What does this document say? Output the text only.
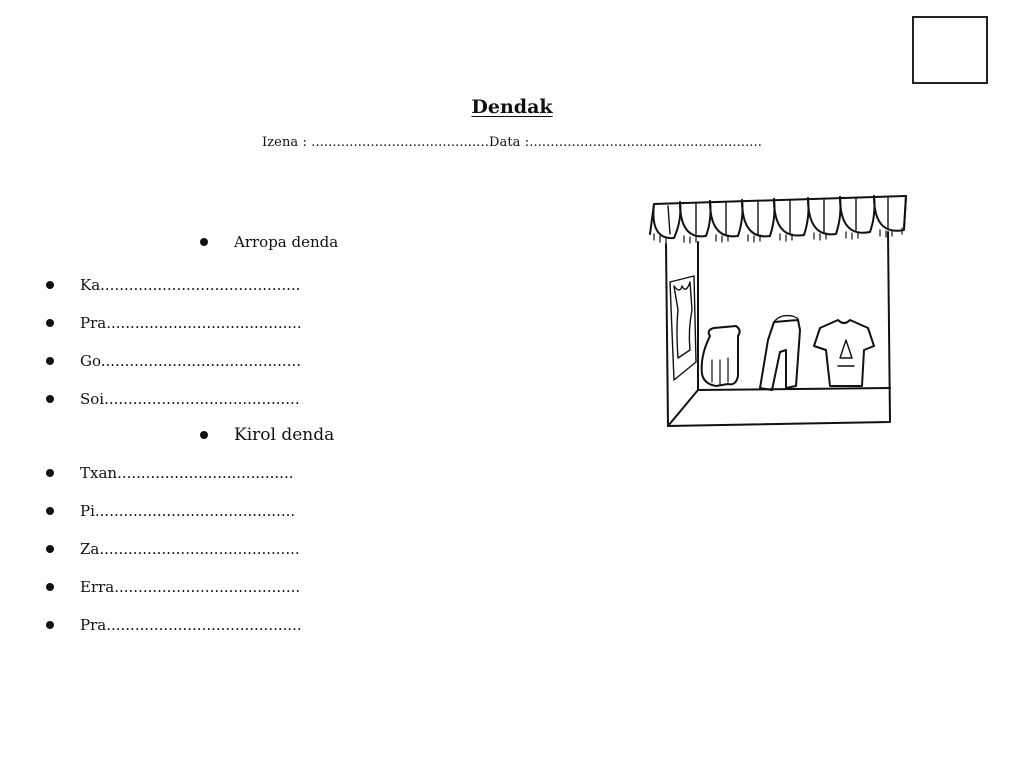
Dendak
Izena : ..........................................Data :.......................................................
Arropa denda
Ka..........................................
Pra.........................................
Go..........................................
Soi.........................................
Kirol denda
Txan.....................................
Pi..........................................
Za..........................................
Erra.......................................
Pra.........................................
